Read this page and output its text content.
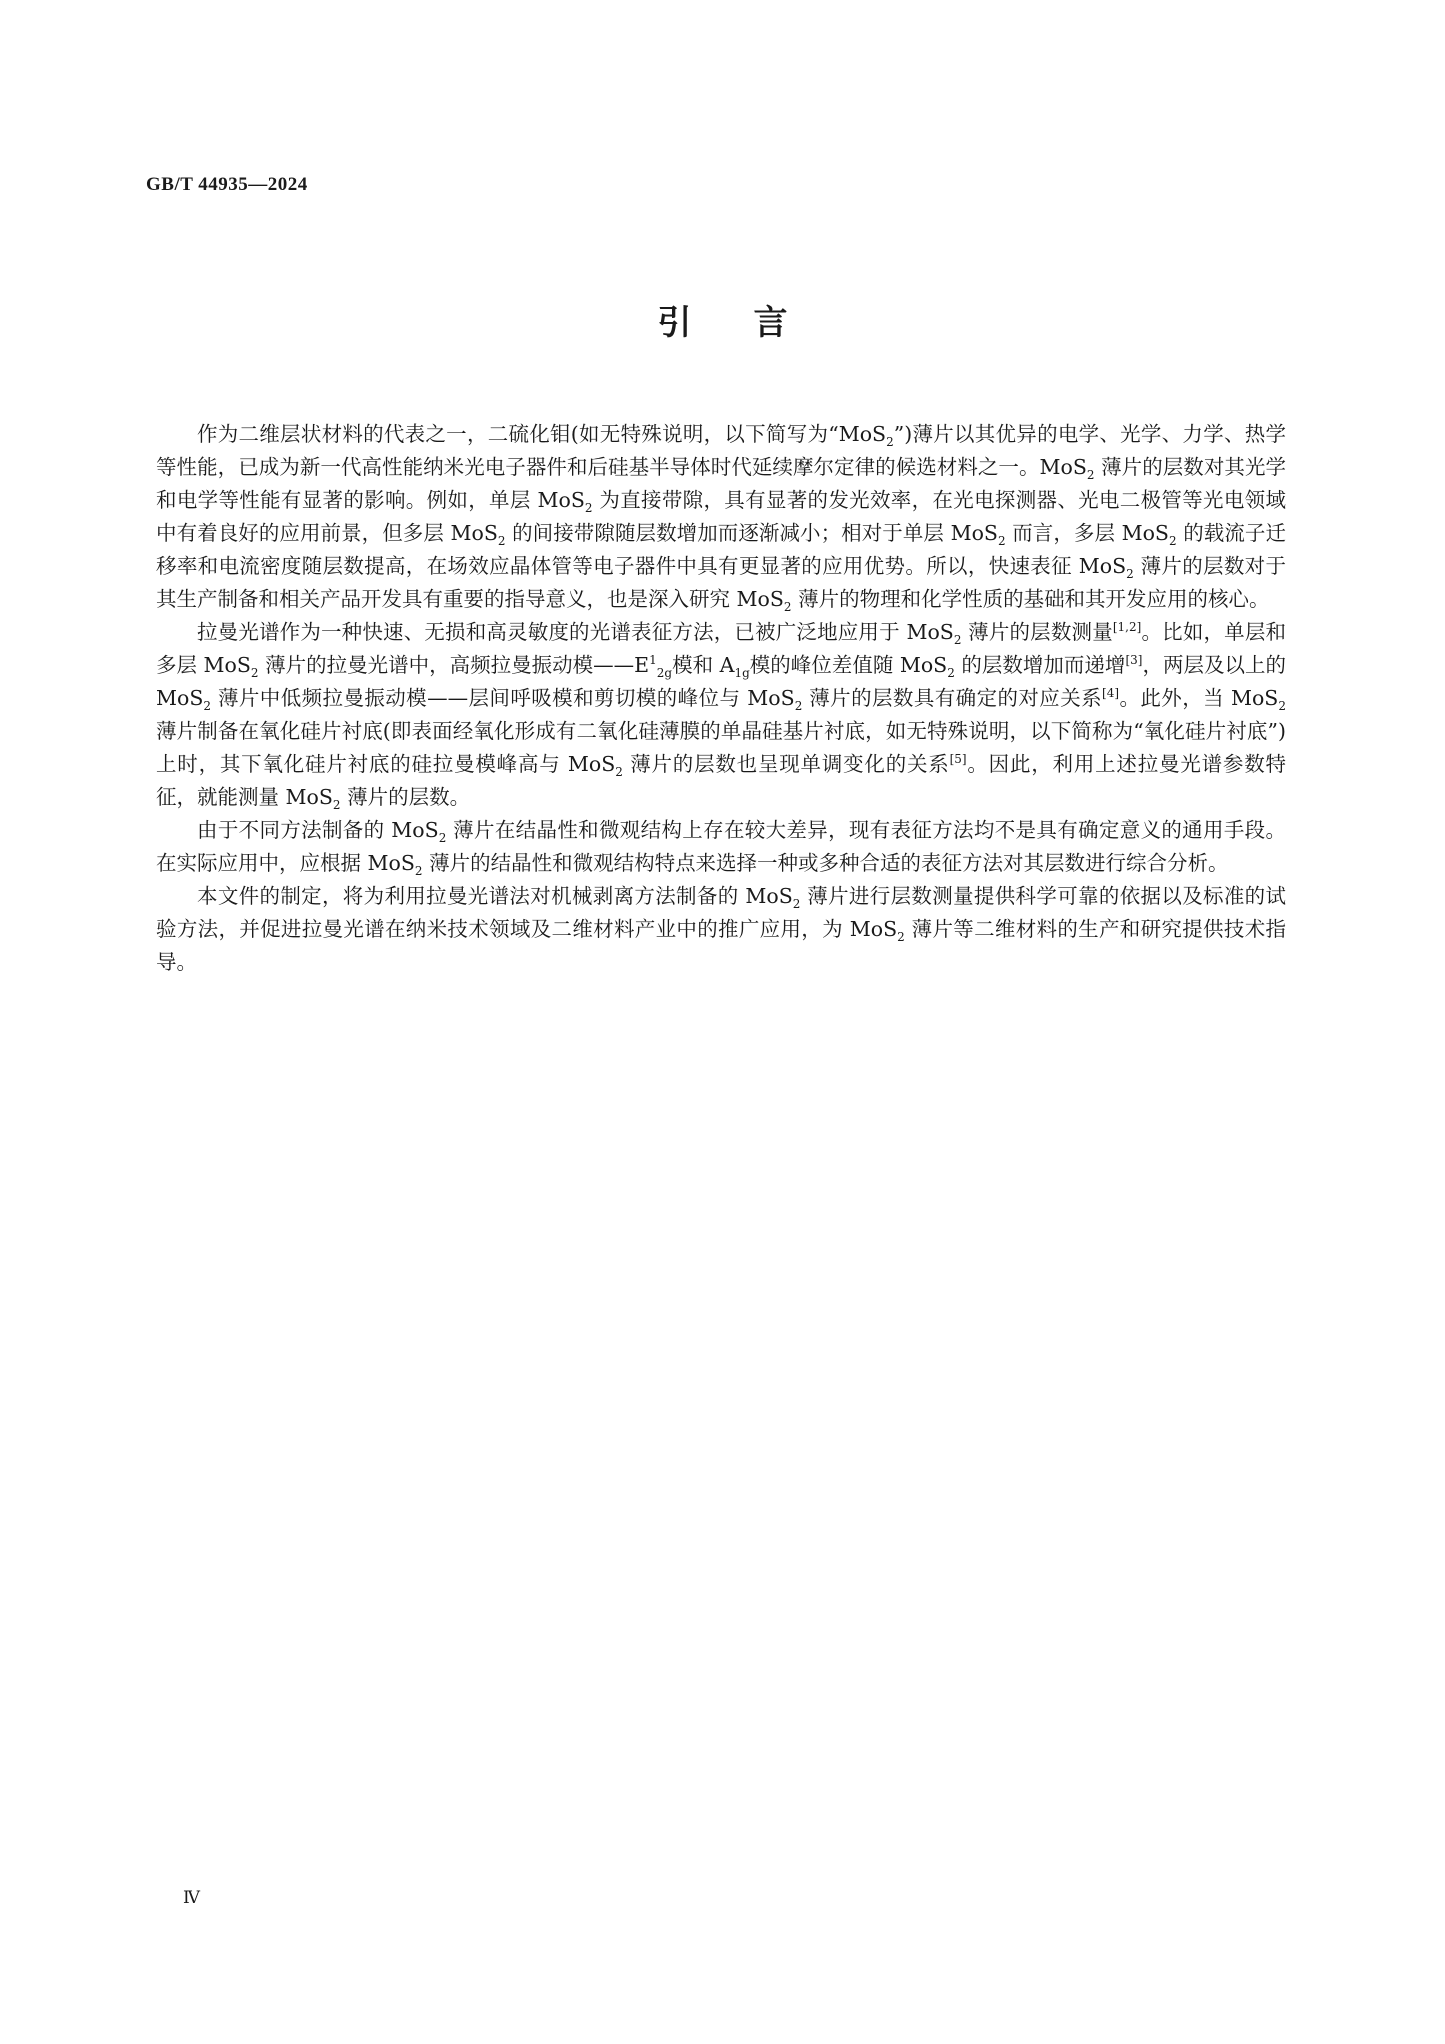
GB/T 44935—2024
引言

作为二维层状材料的代表之一，二硫化钼(如无特殊说明，以下简写为“MoS$_2$”)薄片以其优异的电学、光学、力学、热学等性能，已成为新一代高性能纳米光电子器件和后硅基半导体时代延续摩尔定律的候选材料之一。MoS$_2$ 薄片的层数对其光学和电学等性能有显著的影响。例如，单层 MoS$_2$ 为直接带隙，具有显著的发光效率，在光电探测器、光电二极管等光电领域中有着良好的应用前景，但多层 MoS$_2$ 的间接带隙随层数增加而逐渐减小；相对于单层 MoS$_2$ 而言，多层 MoS$_2$ 的载流子迁移率和电流密度随层数提高，在场效应晶体管等电子器件中具有更显著的应用优势。所以，快速表征 MoS$_2$ 薄片的层数对于其生产制备和相关产品开发具有重要的指导意义，也是深入研究 MoS$_2$ 薄片的物理和化学性质的基础和其开发应用的核心。

拉曼光谱作为一种快速、无损和高灵敏度的光谱表征方法，已被广泛地应用于 MoS$_2$ 薄片的层数测量[1,2]。比如，单层和多层 MoS$_2$ 薄片的拉曼光谱中，高频拉曼振动模$——E^1_{2g}$模和 $A_{1g}$模的峰位差值随 MoS$_2$ 的层数增加而递增[3]，两层及以上的 MoS$_2$ 薄片中低频拉曼振动模——层间呼吸模和剪切模的峰位与 MoS$_2$ 薄片的层数具有确定的对应关系[4]。此外，当 MoS$_2$ 薄片制备在氧化硅片衬底(即表面经氧化形成有二氧化硅薄膜的单晶硅基片衬底，如无特殊说明，以下简称为“氧化硅片衬底”)上时，其下氧化硅片衬底的硅拉曼模峰高与 MoS$_2$ 薄片的层数也呈现单调变化的关系[5]。因此，利用上述拉曼光谱参数特征，就能测量 MoS$_2$ 薄片的层数。

由于不同方法制备的 MoS$_2$ 薄片在结晶性和微观结构上存在较大差异，现有表征方法均不是具有确定意义的通用手段。在实际应用中，应根据 MoS$_2$ 薄片的结晶性和微观结构特点来选择一种或多种合适的表征方法对其层数进行综合分析。

本文件的制定，将为利用拉曼光谱法对机械剥离方法制备的 MoS$_2$ 薄片进行层数测量提供科学可靠的依据以及标准的试验方法，并促进拉曼光谱在纳米技术领域及二维材料产业中的推广应用，为 MoS$_2$ 薄片等二维材料的生产和研究提供技术指导。

Ⅳ
